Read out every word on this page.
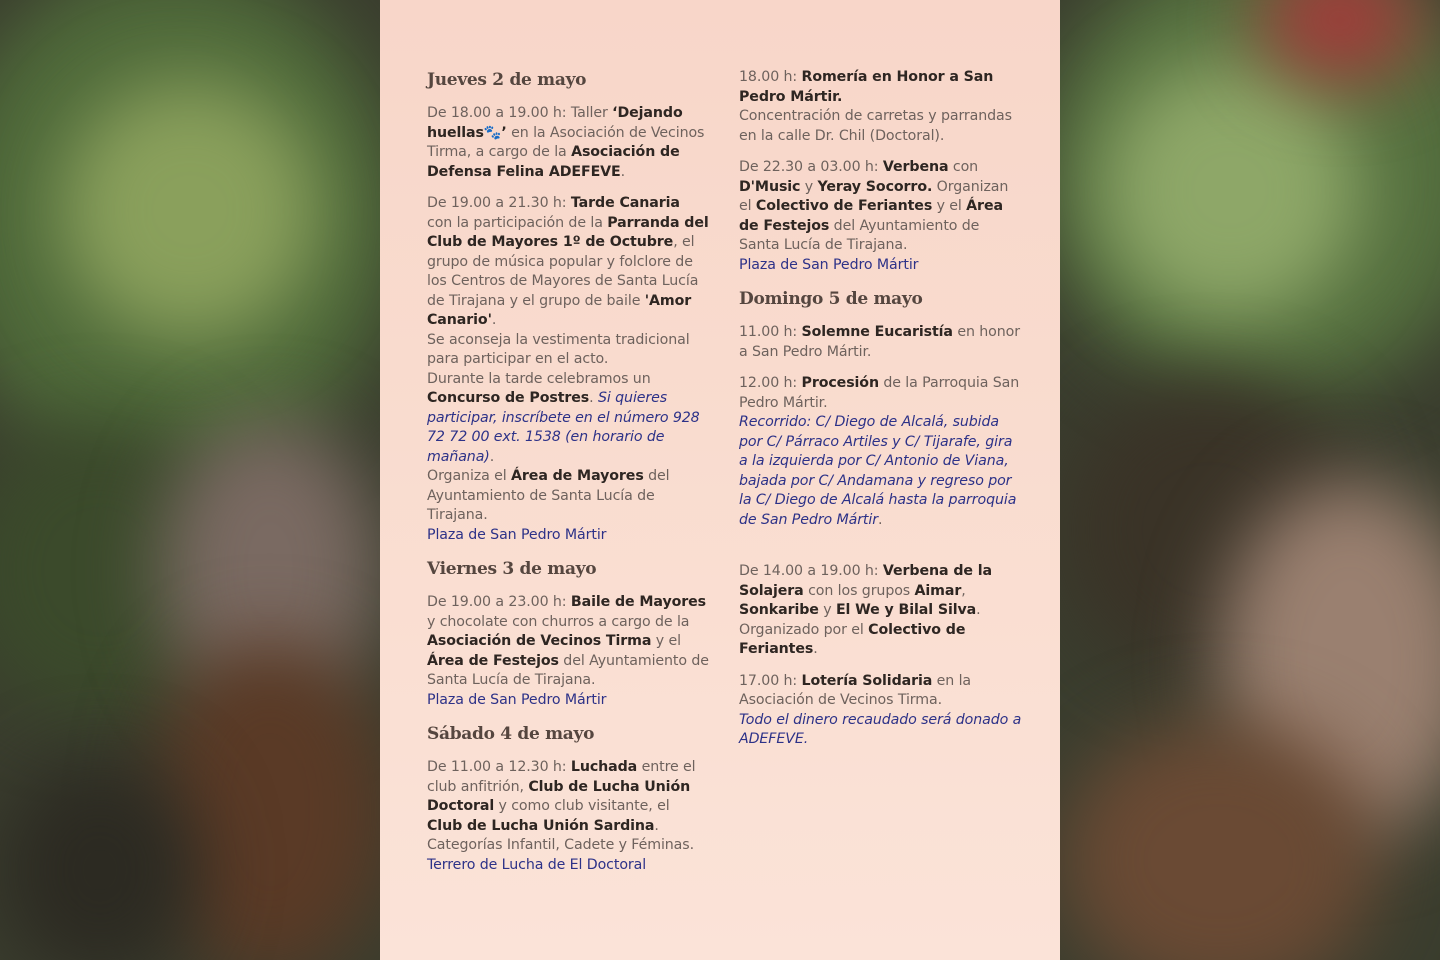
Jueves 2 de mayo

De 18.00 a 19.00 h: Taller ‘Dejando huellas🐾’ en la Asociación de Vecinos Tirma, a cargo de la Asociación de Defensa Felina ADEFEVE.

De 19.00 a 21.30 h: Tarde Canaria con la participación de la Parranda del Club de Mayores 1º de Octubre, el grupo de música popular y folclore de los Centros de Mayores de Santa Lucía de Tirajana y el grupo de baile 'Amor Canario'.
Se aconseja la vestimenta tradicional para participar en el acto.
Durante la tarde celebramos un Concurso de Postres. Si quieres participar, inscríbete en el número 928 72 72 00 ext. 1538 (en horario de mañana).
Organiza el Área de Mayores del Ayuntamiento de Santa Lucía de Tirajana.
Plaza de San Pedro Mártir

Viernes 3 de mayo

De 19.00 a 23.00 h: Baile de Mayores y chocolate con churros a cargo de la Asociación de Vecinos Tirma y el Área de Festejos del Ayuntamiento de Santa Lucía de Tirajana.
Plaza de San Pedro Mártir

Sábado 4 de mayo

De 11.00 a 12.30 h: Luchada entre el club anfitrión, Club de Lucha Unión Doctoral y como club visitante, el Club de Lucha Unión Sardina.
Categorías Infantil, Cadete y Féminas.
Terrero de Lucha de El Doctoral

18.00 h: Romería en Honor a San Pedro Mártir.
Concentración de carretas y parrandas en la calle Dr. Chil (Doctoral).

De 22.30 a 03.00 h: Verbena con D'Music y Yeray Socorro. Organizan el Colectivo de Feriantes y el Área de Festejos del Ayuntamiento de Santa Lucía de Tirajana.
Plaza de San Pedro Mártir

Domingo 5 de mayo

11.00 h: Solemne Eucaristía en honor a San Pedro Mártir.

12.00 h: Procesión de la Parroquia San Pedro Mártir.
Recorrido: C/ Diego de Alcalá, subida por C/ Párraco Artiles y C/ Tijarafe, gira a la izquierda por C/ Antonio de Viana, bajada por C/ Andamana y regreso por la C/ Diego de Alcalá hasta la parroquia de San Pedro Mártir.

De 14.00 a 19.00 h: Verbena de la Solajera con los grupos Aimar, Sonkaribe y El We y Bilal Silva. Organizado por el Colectivo de Feriantes.

17.00 h: Lotería Solidaria en la Asociación de Vecinos Tirma.
Todo el dinero recaudado será donado a ADEFEVE.
